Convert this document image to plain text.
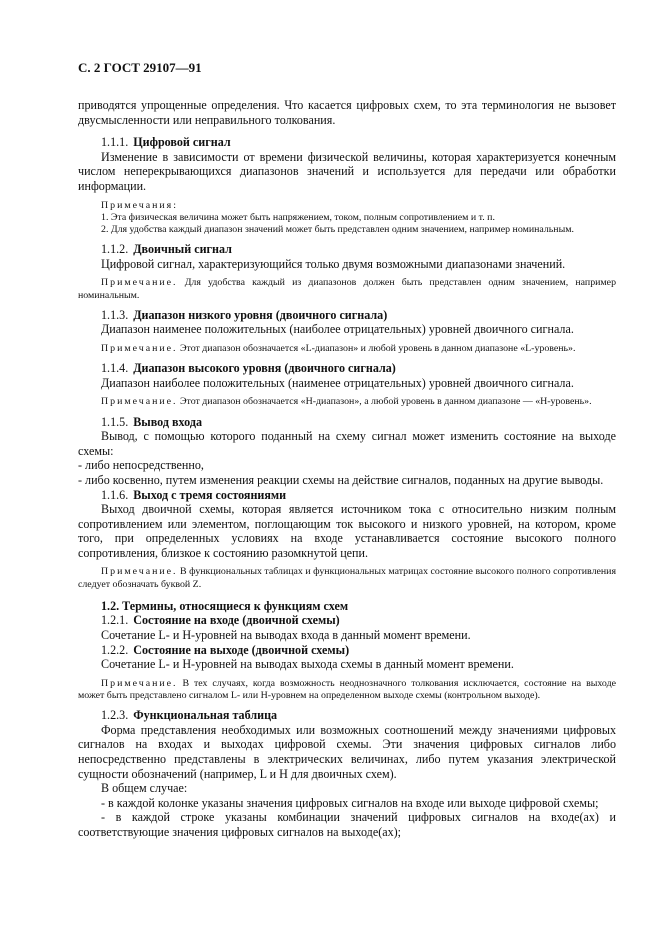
С. 2 ГОСТ 29107—91

приводятся упрощенные определения. Что касается цифровых схем, то эта терминология не вызовет двусмысленности или неправильного толкования.

1.1.1. Цифровой сигнал

Изменение в зависимости от времени физической величины, которая характеризуется конечным числом неперекрывающихся диапазонов значений и используется для передачи или обработки информации.

Примечания:

1. Эта физическая величина может быть напряжением, током, полным сопротивлением и т. п.

2. Для удобства каждый диапазон значений может быть представлен одним значением, например номинальным.

1.1.2. Двоичный сигнал

Цифровой сигнал, характеризующийся только двумя возможными диапазонами значений.

Примечание. Для удобства каждый из диапазонов должен быть представлен одним значением, например номинальным.

1.1.3. Диапазон низкого уровня (двоичного сигнала)

Диапазон наименее положительных (наиболее отрицательных) уровней двоичного сигнала.

Примечание. Этот диапазон обозначается «L-диапазон» и любой уровень в данном диапазоне «L-уровень».

1.1.4. Диапазон высокого уровня (двоичного сигнала)

Диапазон наиболее положительных (наименее отрицательных) уровней двоичного сигнала.

Примечание. Этот диапазон обозначается «Н-диапазон», а любой уровень в данном диапазоне — «Н-уровень».

1.1.5. Вывод входа

Вывод, с помощью которого поданный на схему сигнал может изменить состояние на выходе схемы:

- либо непосредственно,

- либо косвенно, путем изменения реакции схемы на действие сигналов, поданных на другие выводы.

1.1.6. Выход с тремя состояниями

Выход двоичной схемы, которая является источником тока с относительно низким полным сопротивлением или элементом, поглощающим ток высокого и низкого уровней, на котором, кроме того, при определенных условиях на входе устанавливается состояние высокого полного сопротивления, близкое к состоянию разомкнутой цепи.

Примечание. В функциональных таблицах и функциональных матрицах состояние высокого полного сопротивления следует обозначать буквой Z.

1.2. Термины, относящиеся к функциям схем

1.2.1. Состояние на входе (двоичной схемы)

Сочетание L- и Н-уровней на выводах входа в данный момент времени.

1.2.2. Состояние на выходе (двоичной схемы)

Сочетание L- и Н-уровней на выводах выхода схемы в данный момент времени.

Примечание. В тех случаях, когда возможность неоднозначного толкования исключается, состояние на выходе может быть представлено сигналом L- или Н-уровнем на определенном выходе схемы (контрольном выходе).

1.2.3. Функциональная таблица

Форма представления необходимых или возможных соотношений между значениями цифровых сигналов на входах и выходах цифровой схемы. Эти значения цифровых сигналов либо непосредственно представлены в электрических величинах, либо путем указания электрической сущности обозначений (например, L и Н для двоичных схем).

В общем случае:

- в каждой колонке указаны значения цифровых сигналов на входе или выходе цифровой схемы;

- в каждой строке указаны комбинации значений цифровых сигналов на входе(ах) и соответствующие значения цифровых сигналов на выходе(ах);
